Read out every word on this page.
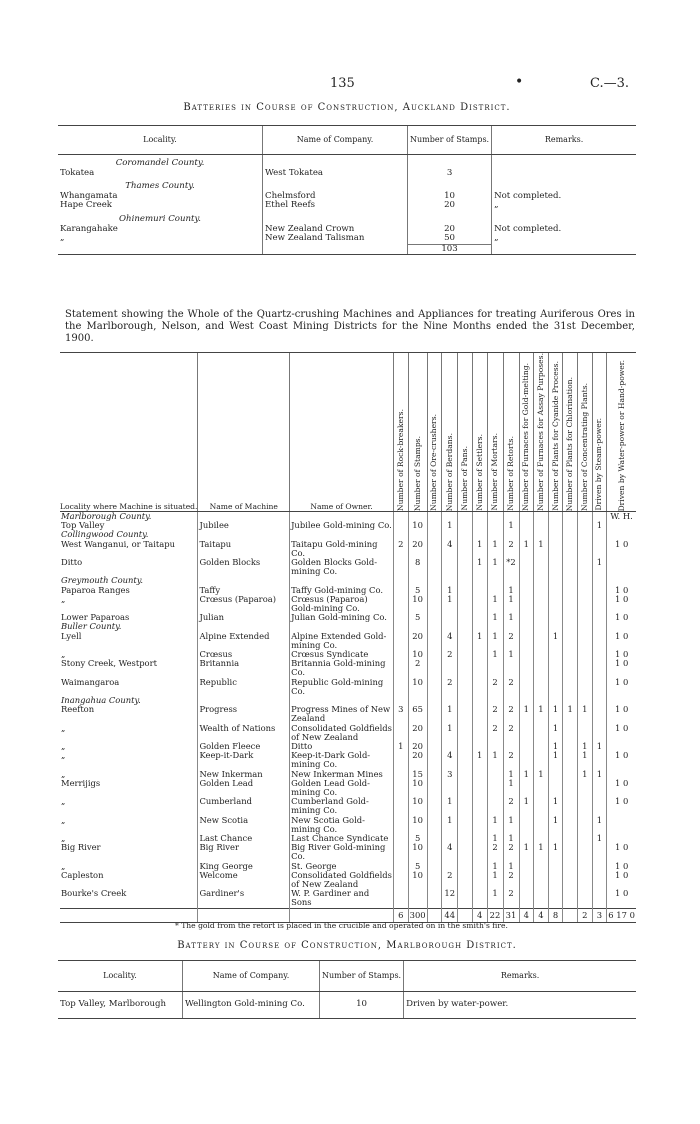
135	•	C.—3.
Batteries in Course of Construction, Auckland District.
Locality.	Name of Company.	Number of Stamps.	Remarks.
Coromandel County.			
Tokatea	West Tokatea	3	
Thames County.			
Whangamata	Chelmsford	10	Not completed.
Hape Creek	Ethel Reefs	20	„
Ohinemuri County.			
Karangahake	New Zealand Crown	20	Not completed.
„	New Zealand Talisman	50	„
		103	
Statement showing the Whole of the Quartz-crushing Machines and Appliances for treating Auriferous Ores in the Marlborough, Nelson, and West Coast Mining Districts for the Nine Months ended the 31st December, 1900.
Locality where Machine is situated.	Name of Machine	Name of Owner.	Number of Rock-breakers.	Number of Stamps.	Number of Ore-crushers.	Number of Berdans.	Number of Pans.	Number of Settlers.	Number of Mortars.	Number of Retorts.	Number of Furnaces for Gold-melting.	Number of Furnaces for Assay Purposes.	Number of Plants for Cyanide Process.	Number of Plants for Chlorination.	Number of Concentrating Plants.	Driven by Steam-power.	Driven by Water-power or Hand-power.

Marlborough County.																	W. H.
Top Valley	Jubilee	Jubilee Gold-mining Co.		10		1				1						1	
Collingwood County.																	
West Wanganui, or Taitapu	Taitapu	Taitapu Gold-mining Co.	2	20		4		1	1	2	1	1					1 0
Ditto	Golden Blocks	Golden Blocks Gold-mining Co.		8				1	1	*2						1	
Greymouth County.																	
Paparoa Ranges	Taffy	Taffy Gold-mining Co.		5		1				1							1 0
„	Crœsus (Paparoa)	Crœsus (Paparoa) Gold-mining Co.		10		1			1	1							1 0
Lower Paparoas	Julian	Julian Gold-mining Co.		5					1	1							1 0
Buller County.																	
Lyell	Alpine Extended	Alpine Extended Gold-mining Co.		20		4		1	1	2			1				1 0
„	Crœsus	Crœsus Syndicate		10		2			1	1							1 0
Stony Creek, Westport	Britannia	Britannia Gold-mining Co.		2													1 0
Waimangaroa	Republic	Republic Gold-mining Co.		10		2			2	2							1 0
Inangahua County.																	
Reefton	Progress	Progress Mines of New Zealand	3	65		1			2	2	1	1	1	1	1		1 0
„	Wealth of Nations	Consolidated Goldfields of New Zealand		20		1			2	2			1				1 0
„	Golden Fleece	Ditto	1	20									1		1	1	
„	Keep-it-Dark	Keep-it-Dark Gold-mining Co.		20		4		1	1	2			1		1		1 0
„	New Inkerman	New Inkerman Mines		15		3				1	1	1			1	1	
Merrijigs	Golden Lead	Golden Lead Gold-mining Co.		10						1							1 0
„	Cumberland	Cumberland Gold-mining Co.		10		1				2	1		1				1 0
„	New Scotia	New Scotia Gold-mining Co.		10		1			1	1			1			1	
„	Last Chance	Last Chance Syndicate		5					1	1						1	
Big River	Big River	Big River Gold-mining Co.		10		4			2	2	1	1	1				1 0
„	King George	St. George		5					1	1							1 0
Capleston	Welcome	Consolidated Goldfields of New Zealand		10		2			1	2							1 0
Bourke's Creek	Gardiner's	W. P. Gardiner and Sons				12			1	2							1 0
			6	300		44		4	22	31	4	4	8		2	3	6 17 0
* The gold from the retort is placed in the crucible and operated on in the smith's fire.
Battery in Course of Construction, Marlborough District.
Locality.	Name of Company.	Number of Stamps.	Remarks.
Top Valley, Marlborough	Wellington Gold-mining Co.	10	Driven by water-power.
